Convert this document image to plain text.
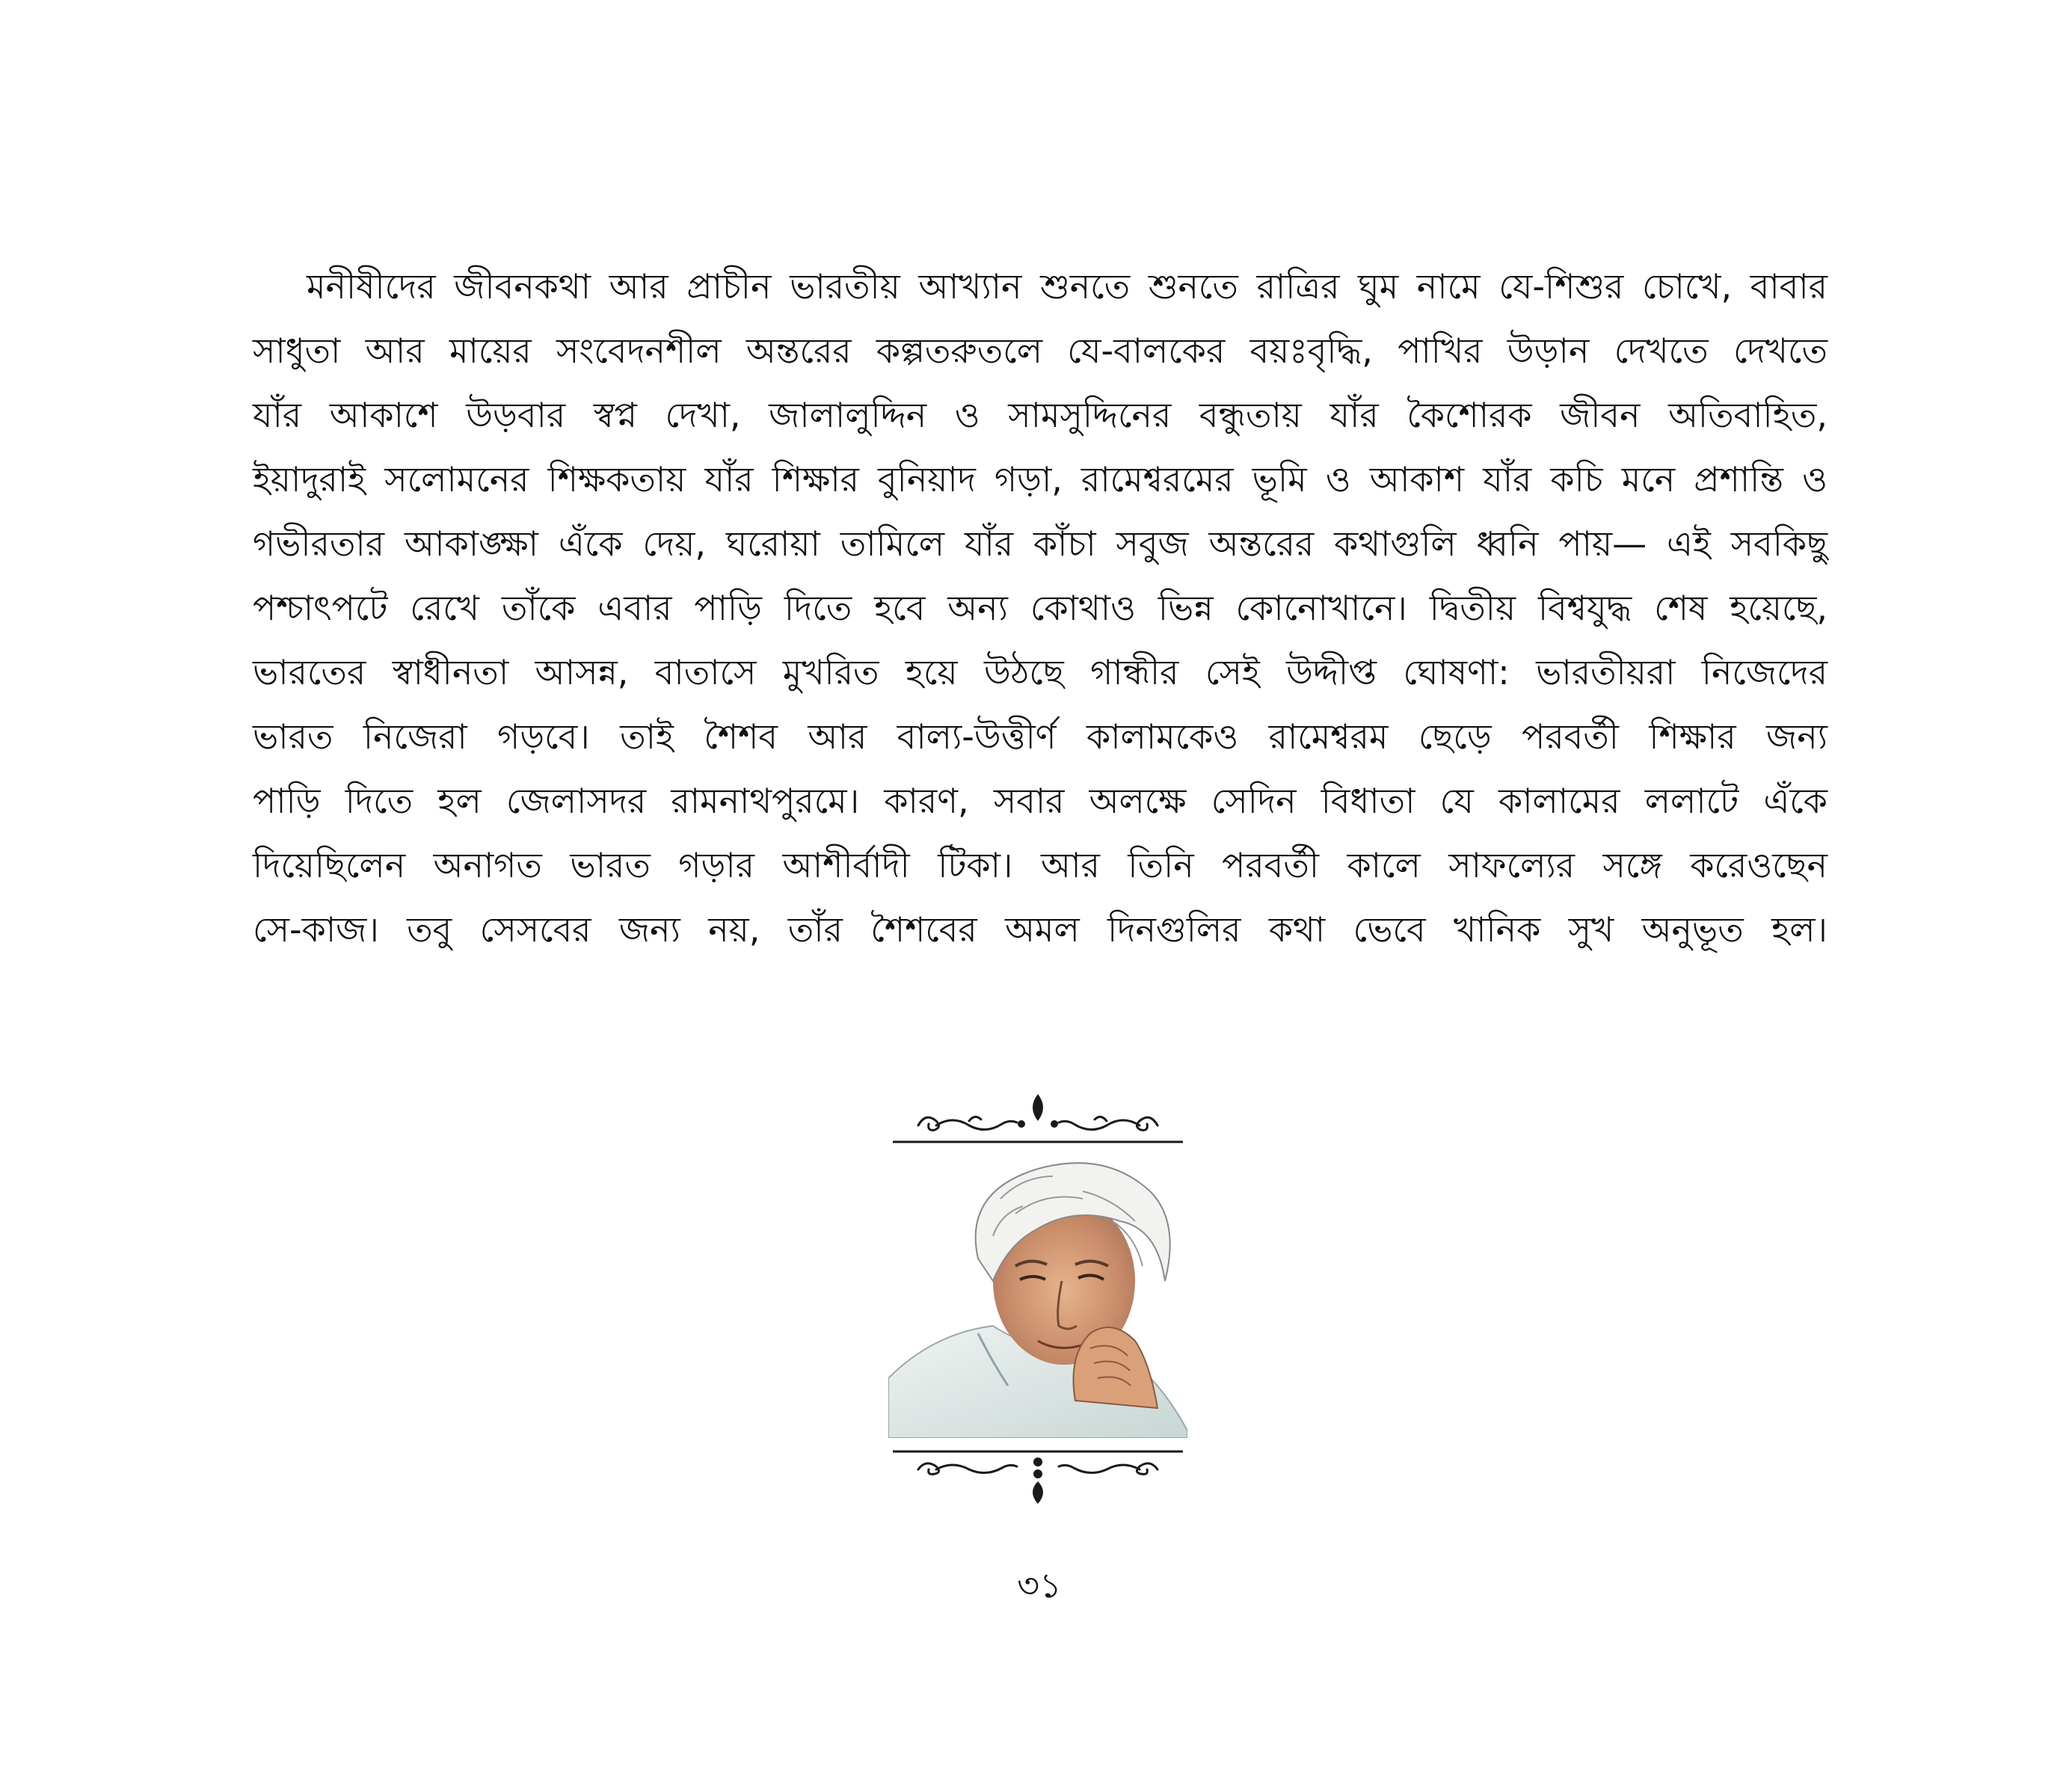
মনীষীদের জীবনকথা আর প্রাচীন ভারতীয় আখ্যান শুনতে শুনতে রাত্রির ঘুম নামে যে-শিশুর চোখে, বাবার
সাধুতা আর মায়ের সংবেদনশীল অন্তরের কল্পতরুতলে যে-বালকের বয়ঃবৃদ্ধি, পাখির উড়ান দেখতে দেখতে
যাঁর আকাশে উড়বার স্বপ্ন দেখা, জালালুদ্দিন ও সামসুদ্দিনের বন্ধুতায় যাঁর কৈশোরক জীবন অতিবাহিত,
ইয়াদুরাই সলোমনের শিক্ষকতায় যাঁর শিক্ষার বুনিয়াদ গড়া, রামেশ্বরমের ভূমি ও আকাশ যাঁর কচি মনে প্রশান্তি ও
গভীরতার আকাঙ্ক্ষা এঁকে দেয়, ঘরোয়া তামিলে যাঁর কাঁচা সবুজ অন্তরের কথাগুলি ধ্বনি পায়— এই সবকিছু
পশ্চাৎপটে রেখে তাঁকে এবার পাড়ি দিতে হবে অন্য কোথাও ভিন্ন কোনোখানে। দ্বিতীয় বিশ্বযুদ্ধ শেষ হয়েছে,
ভারতের স্বাধীনতা আসন্ন, বাতাসে মুখরিত হয়ে উঠছে গান্ধীর সেই উদ্দীপ্ত ঘোষণা: ভারতীয়রা নিজেদের
ভারত নিজেরা গড়বে। তাই শৈশব আর বাল্য-উত্তীর্ণ কালামকেও রামেশ্বরম ছেড়ে পরবর্তী শিক্ষার জন্য
পাড়ি দিতে হল জেলাসদর রামনাথপুরমে। কারণ, সবার অলক্ষে সেদিন বিধাতা যে কালামের ললাটে এঁকে
দিয়েছিলেন অনাগত ভারত গড়ার আশীর্বাদী টিকা। আর তিনি পরবর্তী কালে সাফল্যের সঙ্গে করেওছেন
সে-কাজ। তবু সেসবের জন্য নয়, তাঁর শৈশবের অমল দিনগুলির কথা ভেবে খানিক সুখ অনুভূত হল।
৩১
